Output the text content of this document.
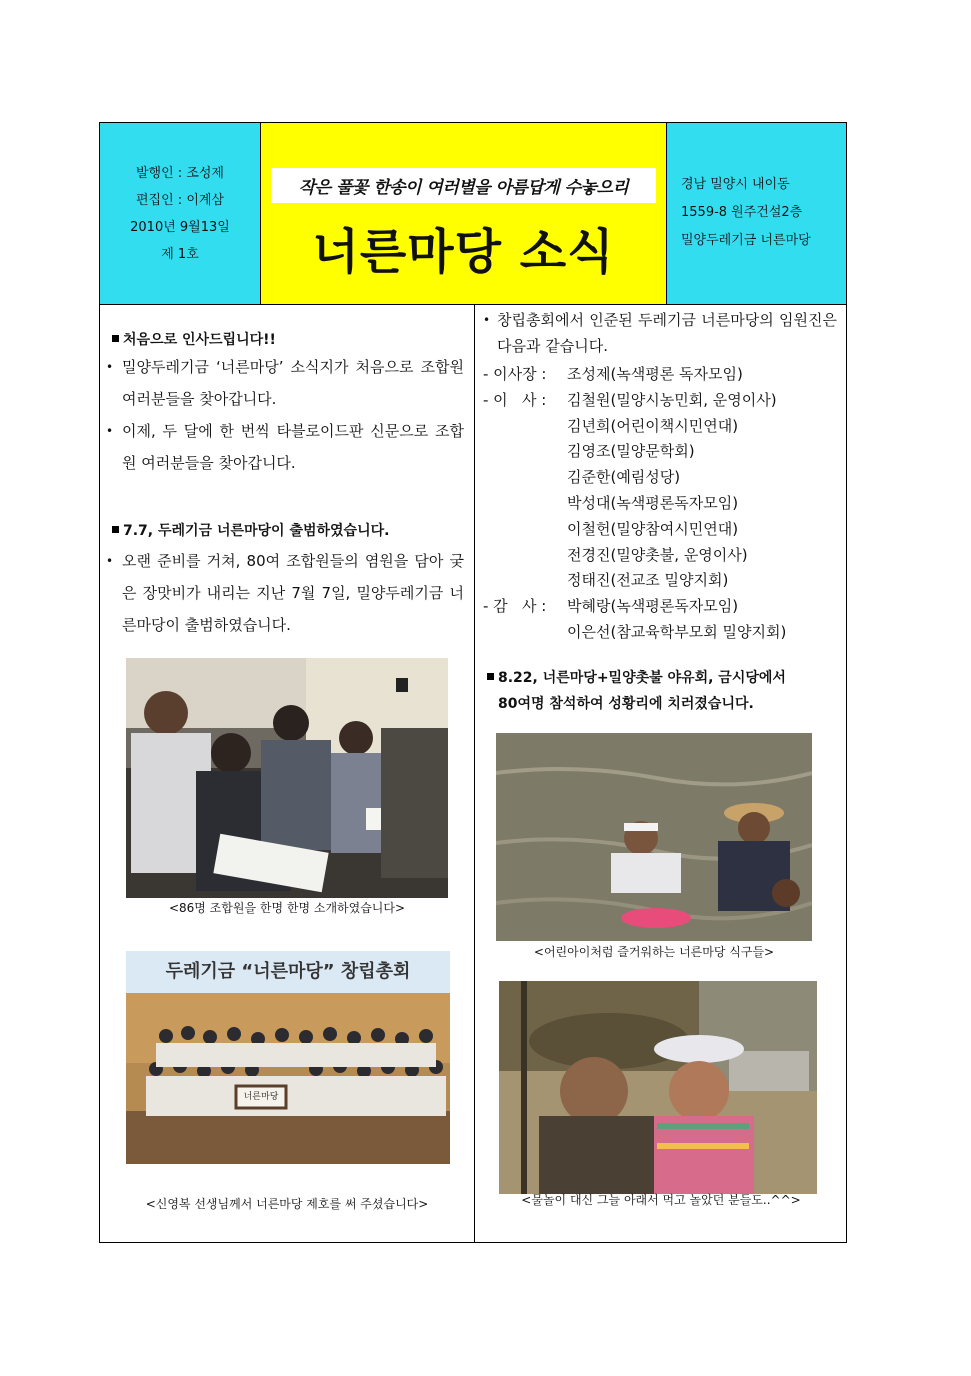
발행인 : 조성제
편집인 : 이계삼
2010년 9월13일
제 1호
작은 풀꽃 한송이 여러별을 아름답게 수놓으리
너른마당 소식
경남 밀양시 내이동
1559-8 원주건설2층
밀양두레기금 너른마당
처음으로 인사드립니다!!
• 밀양두레기금 ‘너른마당’ 소식지가 처음으로 조합원 여러분들을 찾아갑니다.
• 이제, 두 달에 한 번씩 타블로이드판 신문으로 조합원 여러분들을 찾아갑니다.
7.7, 두레기금 너른마당이 출범하였습니다.
• 오랜 준비를 거쳐, 80여 조합원들의 염원을 담아 궂은 장맛비가 내리는 지난 7월 7일, 밀양두레기금 너른마당이 출범하였습니다.
<86명 조합원을 한명 한명 소개하였습니다>
두레기금 “너른마당” 창립총회
너른마당
<신영복 선생님께서 너른마당 제호를 써 주셨습니다>
• 창립총회에서 인준된 두레기금 너른마당의 임원진은 다음과 같습니다.
- 이사장 : 조성제(녹색평론 독자모임)
- 이   사 : 김철원(밀양시농민회, 운영이사)
김년희(어린이책시민연대)
김영조(밀양문학회)
김준한(예림성당)
박성대(녹색평론독자모임)
이철헌(밀양참여시민연대)
전경진(밀양촛불, 운영이사)
정태진(전교조 밀양지회)
- 감   사 : 박혜랑(녹색평론독자모임)
이은선(참교육학부모회 밀양지회)
8.22, 너른마당+밀양촛불 야유회, 금시당에서
80여명 참석하여 성황리에 치러졌습니다.
<어린아이처럼 즐거워하는 너른마당 식구들>
<물놀이 대신 그늘 아래서 먹고 놀았던 분들도..^^>
